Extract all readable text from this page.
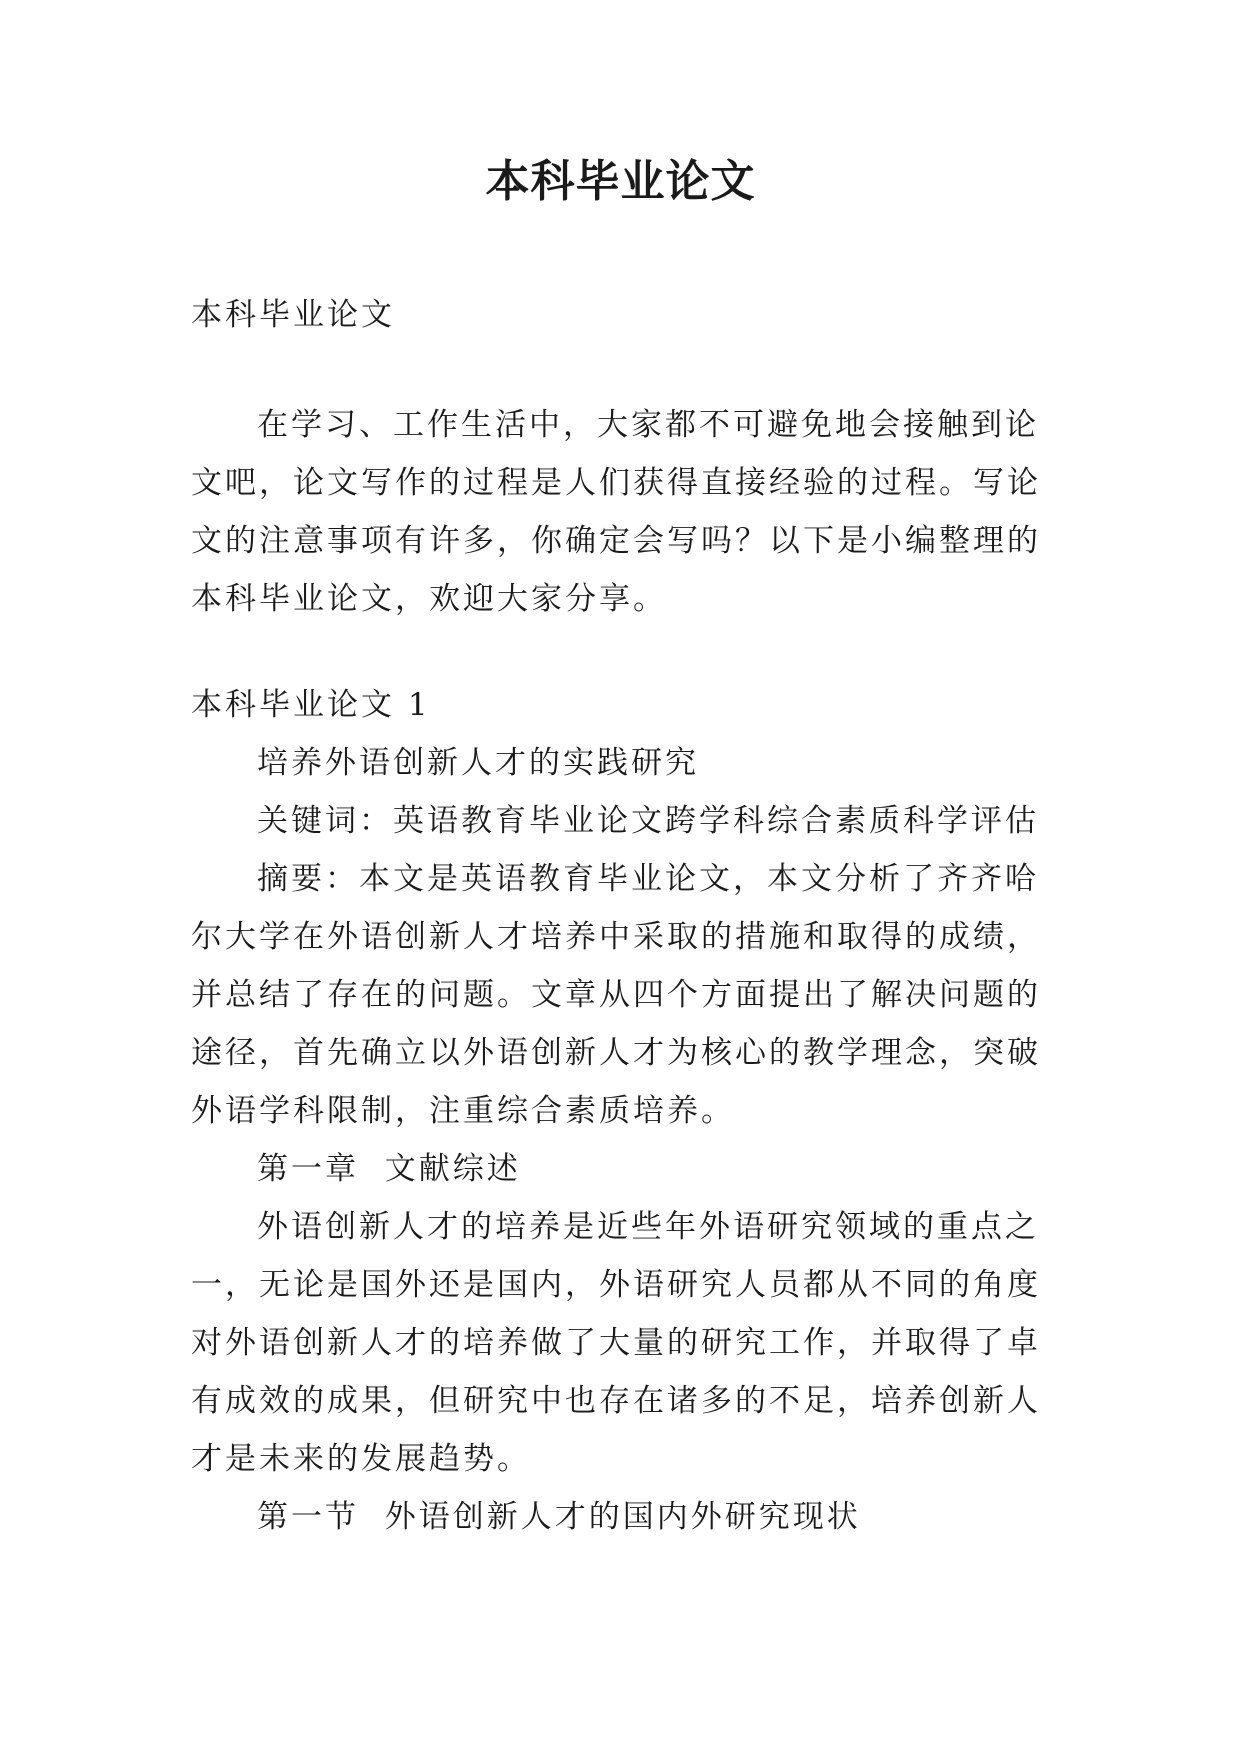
本科毕业论文

本科毕业论文

在学习、工作生活中，大家都不可避免地会接触到论文吧，论文写作的过程是人们获得直接经验的过程。写论文的注意事项有许多，你确定会写吗？以下是小编整理的本科毕业论文，欢迎大家分享。

本科毕业论文 1

培养外语创新人才的实践研究

关键词：英语教育毕业论文跨学科综合素质科学评估

摘要：本文是英语教育毕业论文，本文分析了齐齐哈尔大学在外语创新人才培养中采取的措施和取得的成绩，并总结了存在的问题。文章从四个方面提出了解决问题的途径，首先确立以外语创新人才为核心的教学理念，突破外语学科限制，注重综合素质培养。

第一章  文献综述

外语创新人才的培养是近些年外语研究领域的重点之一，无论是国外还是国内，外语研究人员都从不同的角度对外语创新人才的培养做了大量的研究工作，并取得了卓有成效的成果，但研究中也存在诸多的不足，培养创新人才是未来的发展趋势。

第一节  外语创新人才的国内外研究现状
